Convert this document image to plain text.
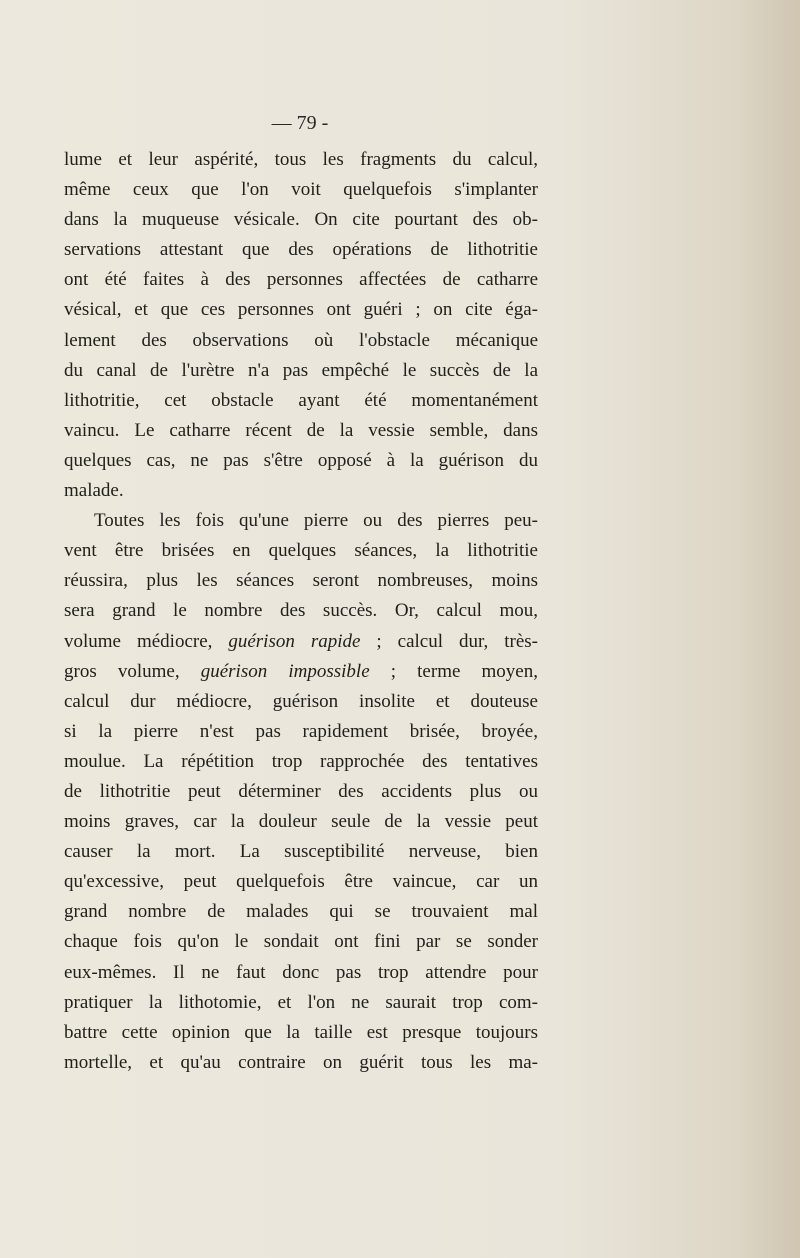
— 79 -
lume et leur aspérité, tous les fragments du calcul,
même ceux que l'on voit quelquefois s'implanter
dans la muqueuse vésicale. On cite pourtant des ob-
servations attestant que des opérations de lithotritie
ont été faites à des personnes affectées de catharre
vésical, et que ces personnes ont guéri ; on cite éga-
lement des observations où l'obstacle mécanique
du canal de l'urètre n'a pas empêché le succès de la
lithotritie, cet obstacle ayant été momentanément
vaincu. Le catharre récent de la vessie semble, dans
quelques cas, ne pas s'être opposé à la guérison du
malade.
Toutes les fois qu'une pierre ou des pierres peu-
vent être brisées en quelques séances, la lithotritie
réussira, plus les séances seront nombreuses, moins
sera grand le nombre des succès. Or, calcul mou,
volume médiocre, guérison rapide ; calcul dur, très-
gros volume, guérison impossible ; terme moyen,
calcul dur médiocre, guérison insolite et douteuse
si la pierre n'est pas rapidement brisée, broyée,
moulue. La répétition trop rapprochée des tentatives
de lithotritie peut déterminer des accidents plus ou
moins graves, car la douleur seule de la vessie peut
causer la mort. La susceptibilité nerveuse, bien
qu'excessive, peut quelquefois être vaincue, car un
grand nombre de malades qui se trouvaient mal
chaque fois qu'on le sondait ont fini par se sonder
eux-mêmes. Il ne faut donc pas trop attendre pour
pratiquer la lithotomie, et l'on ne saurait trop com-
battre cette opinion que la taille est presque toujours
mortelle, et qu'au contraire on guérit tous les ma-
